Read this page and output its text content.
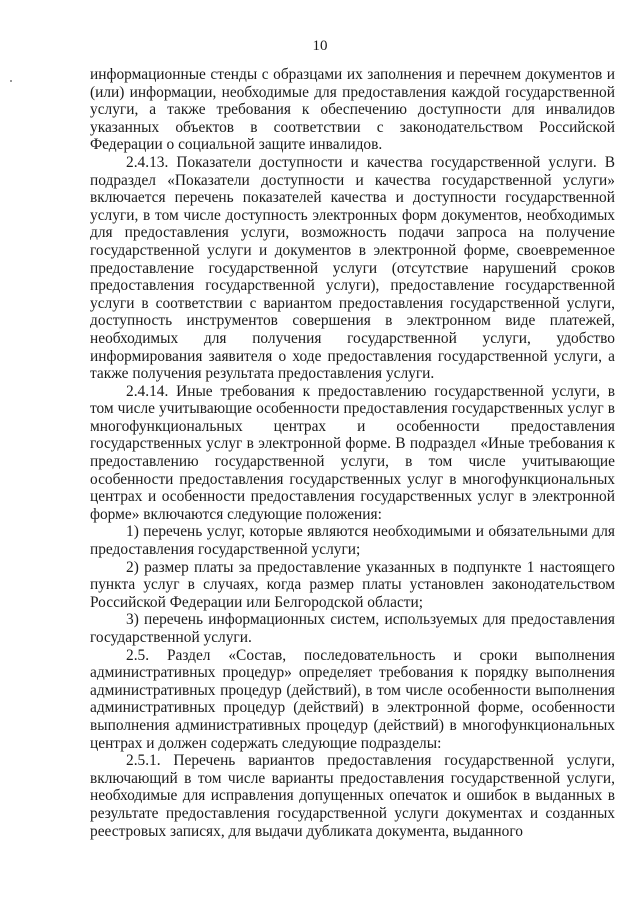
10

информационные стенды с образцами их заполнения и перечнем документов и (или) информации, необходимые для предоставления каждой государственной услуги, а также требования к обеспечению доступности для инвалидов указанных объектов в соответствии с законодательством Российской Федерации о социальной защите инвалидов.

2.4.13. Показатели доступности и качества государственной услуги. В подраздел «Показатели доступности и качества государственной услуги» включается перечень показателей качества и доступности государственной услуги, в том числе доступность электронных форм документов, необходимых для предоставления услуги, возможность подачи запроса на получение государственной услуги и документов в электронной форме, своевременное предоставление государственной услуги (отсутствие нарушений сроков предоставления государственной услуги), предоставление государственной услуги в соответствии с вариантом предоставления государственной услуги, доступность инструментов совершения в электронном виде платежей, необходимых для получения государственной услуги, удобство информирования заявителя о ходе предоставления государственной услуги, а также получения результата предоставления услуги.

2.4.14. Иные требования к предоставлению государственной услуги, в том числе учитывающие особенности предоставления государственных услуг в многофункциональных центрах и особенности предоставления государственных услуг в электронной форме. В подраздел «Иные требования к предоставлению государственной услуги, в том числе учитывающие особенности предоставления государственных услуг в многофункциональных центрах и особенности предоставления государственных услуг в электронной форме» включаются следующие положения:

1) перечень услуг, которые являются необходимыми и обязательными для предоставления государственной услуги;

2) размер платы за предоставление указанных в подпункте 1 настоящего пункта услуг в случаях, когда размер платы установлен законодательством Российской Федерации или Белгородской области;

3) перечень информационных систем, используемых для предоставления государственной услуги.

2.5. Раздел «Состав, последовательность и сроки выполнения административных процедур» определяет требования к порядку выполнения административных процедур (действий), в том числе особенности выполнения административных процедур (действий) в электронной форме, особенности выполнения административных процедур (действий) в многофункциональных центрах и должен содержать следующие подразделы:

2.5.1. Перечень вариантов предоставления государственной услуги, включающий в том числе варианты предоставления государственной услуги, необходимые для исправления допущенных опечаток и ошибок в выданных в результате предоставления государственной услуги документах и созданных реестровых записях, для выдачи дубликата документа, выданного
